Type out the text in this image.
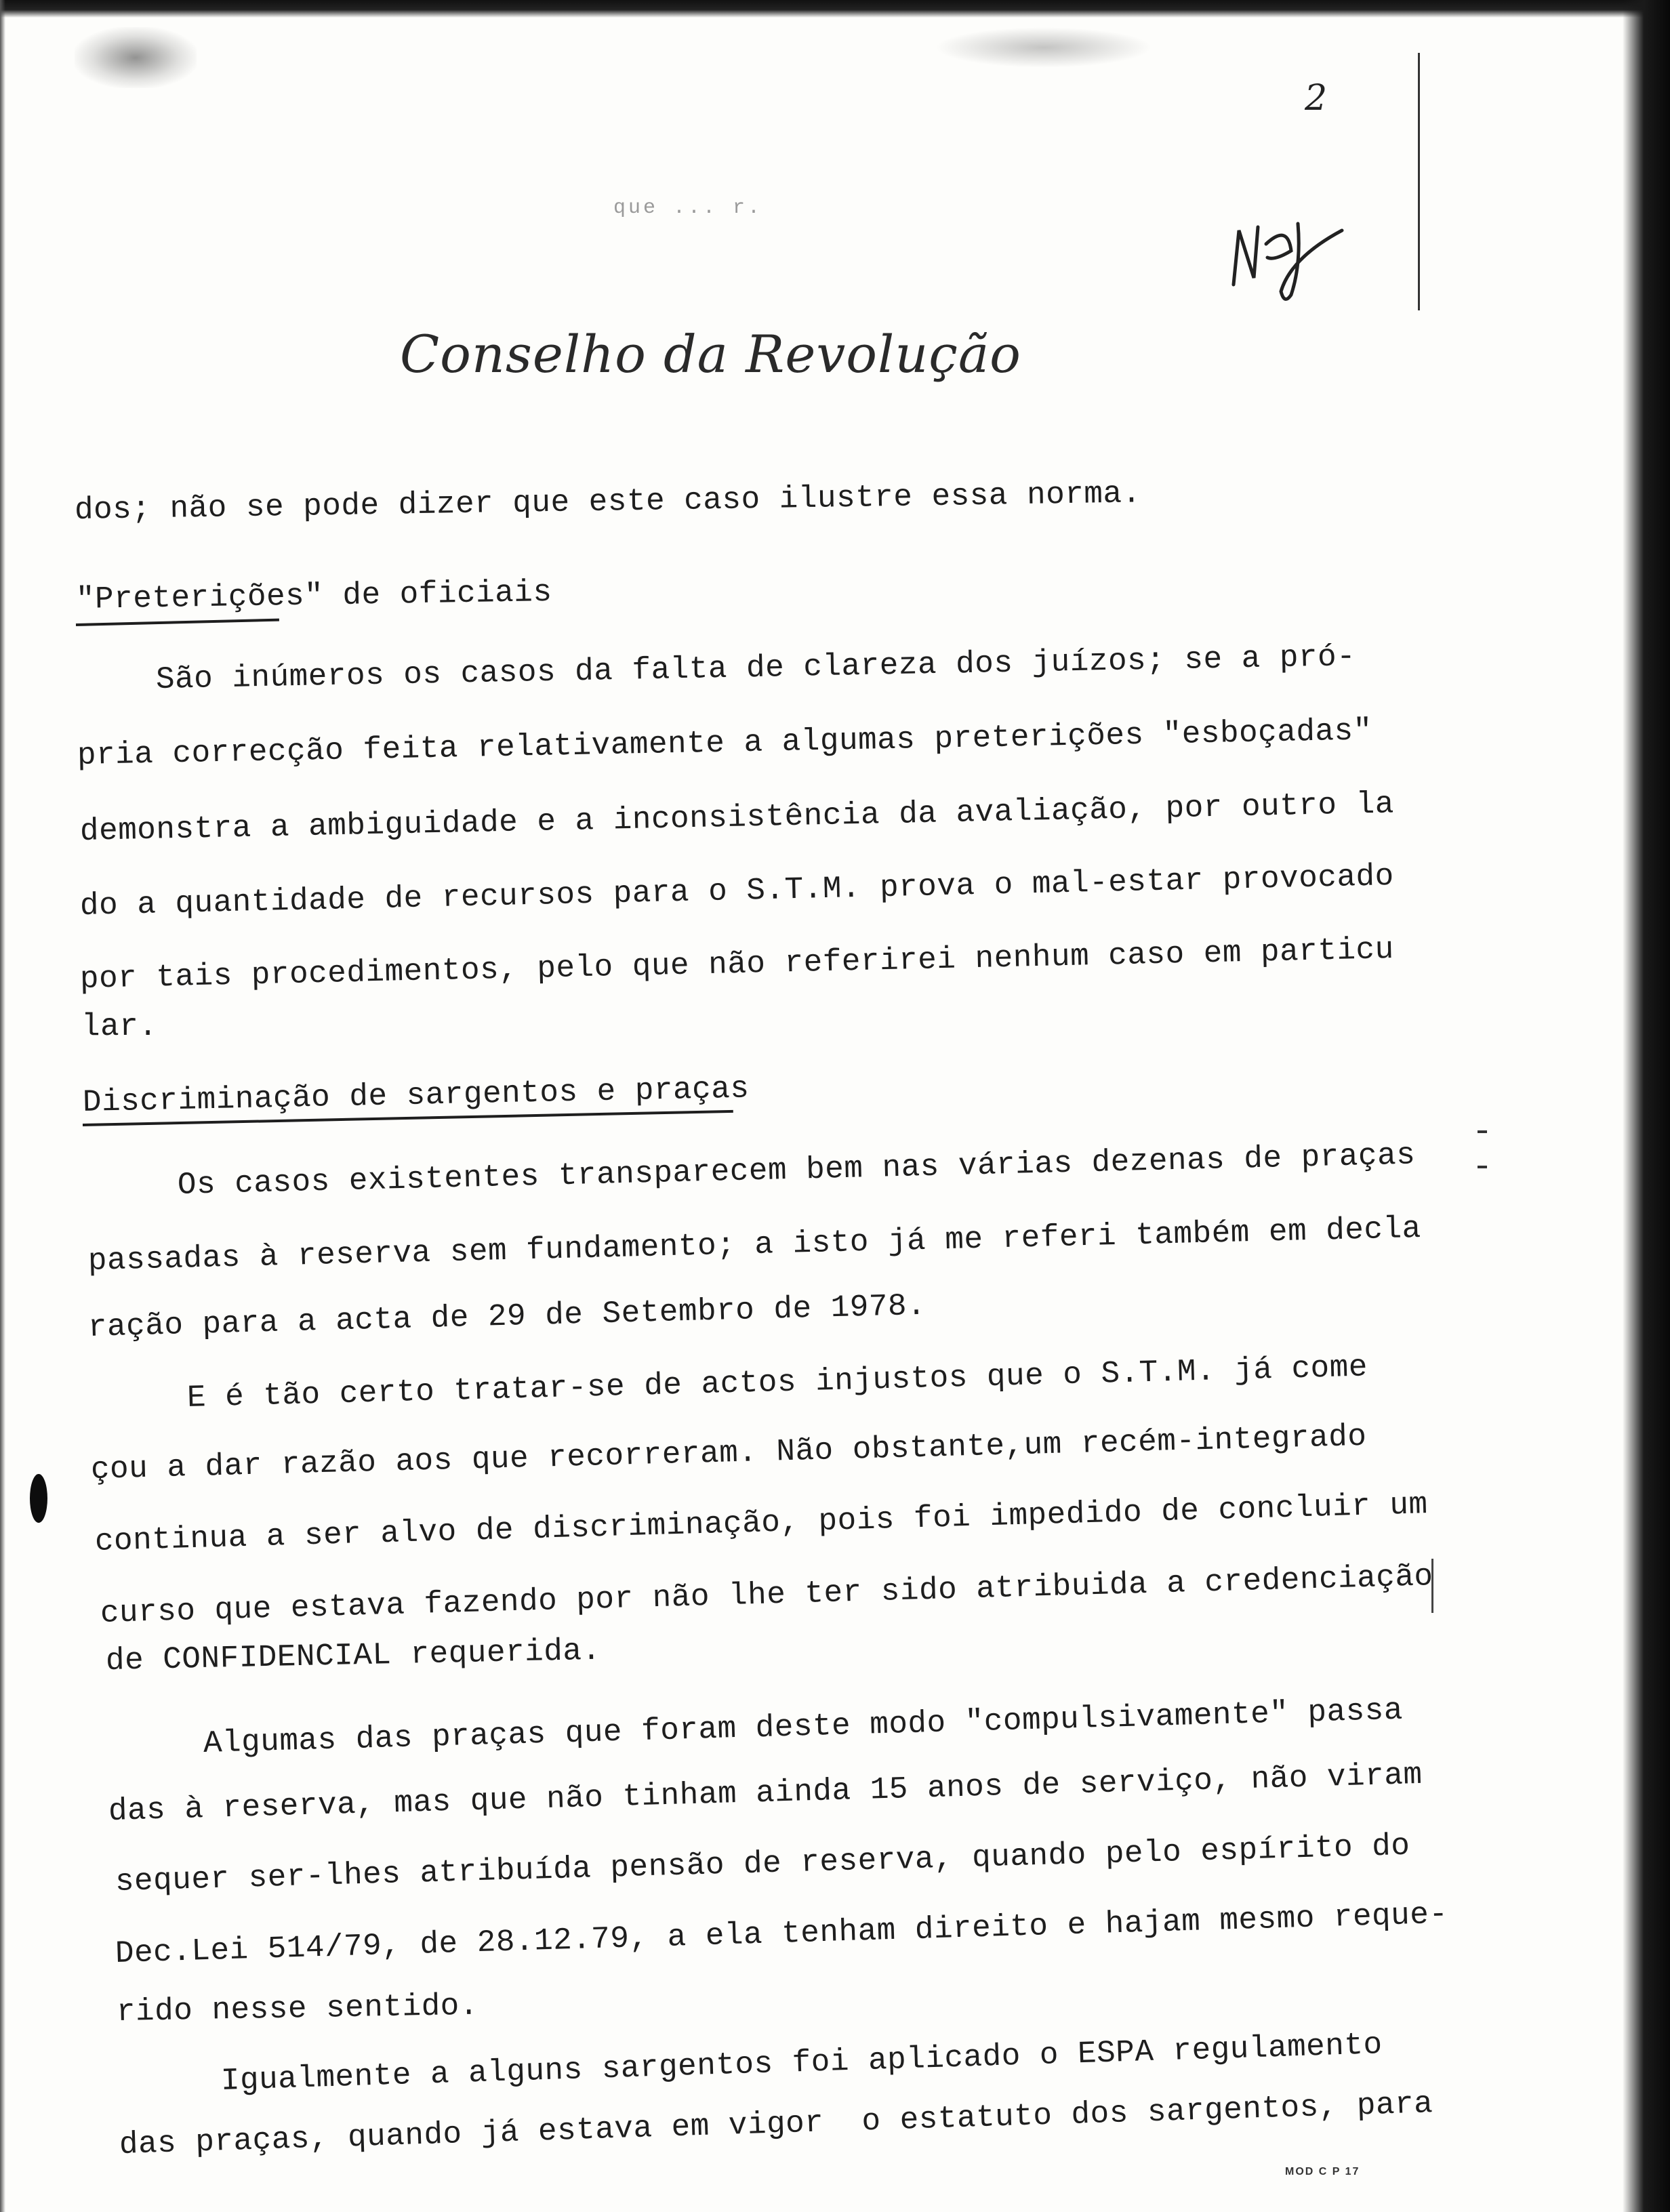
2
que ... r.
Conselho da Revolução
dos; não se pode dizer que este caso ilustre essa norma.
"Preterições" de oficiais
São inúmeros os casos da falta de clareza dos juízos; se a pró-
pria correcção feita relativamente a algumas preterições "esboçadas"
demonstra a ambiguidade e a inconsistência da avaliação, por outro la
do a quantidade de recursos para o S.T.M. prova o mal-estar provocado
por tais procedimentos, pelo que não referirei nenhum caso em particu
lar.
Discriminação de sargentos e praças
Os casos existentes transparecem bem nas várias dezenas de praças
passadas à reserva sem fundamento; a isto já me referi também em decla
ração para a acta de 29 de Setembro de 1978.
E é tão certo tratar-se de actos injustos que o S.T.M. já come
çou a dar razão aos que recorreram. Não obstante,um recém-integrado
continua a ser alvo de discriminação, pois foi impedido de concluir um
curso que estava fazendo por não lhe ter sido atribuida a credenciação
de CONFIDENCIAL requerida.
Algumas das praças que foram deste modo "compulsivamente" passa
das à reserva, mas que não tinham ainda 15 anos de serviço, não viram
sequer ser-lhes atribuída pensão de reserva, quando pelo espírito do
Dec.Lei 514/79, de 28.12.79, a ela tenham direito e hajam mesmo reque-
rido nesse sentido.
Igualmente a alguns sargentos foi aplicado o ESPA regulamento
das praças, quando já estava em vigor  o estatuto dos sargentos, para
MOD C P 17
